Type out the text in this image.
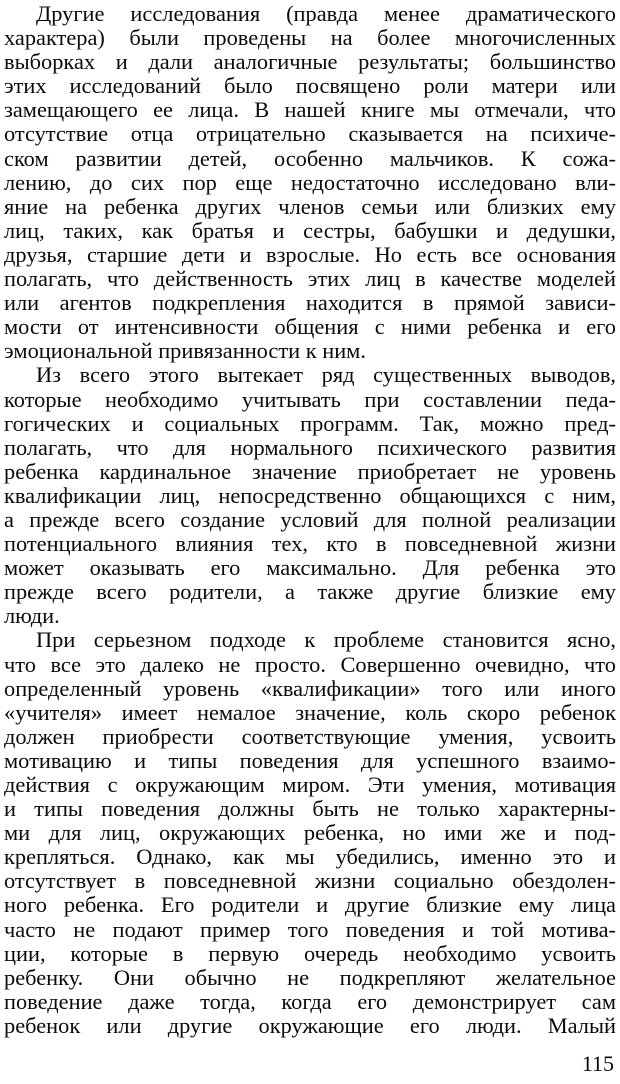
Другие исследования (правда менее драматического
характера) были проведены на более многочисленных
выборках и дали аналогичные результаты; большинство
этих исследований было посвящено роли матери или
замещающего ее лица. В нашей книге мы отмечали, что
отсутствие отца отрицательно сказывается на психиче-
ском развитии детей, особенно мальчиков. К сожа-
лению, до сих пор еще недостаточно исследовано вли-
яние на ребенка других членов семьи или близких ему
лиц, таких, как братья и сестры, бабушки и дедушки,
друзья, старшие дети и взрослые. Но есть все основания
полагать, что действенность этих лиц в качестве моделей
или агентов подкрепления находится в прямой зависи-
мости от интенсивности общения с ними ребенка и его
эмоциональной привязанности к ним.
Из всего этого вытекает ряд существенных выводов,
которые необходимо учитывать при составлении педа-
гогических и социальных программ. Так, можно пред-
полагать, что для нормального психического развития
ребенка кардинальное значение приобретает не уровень
квалификации лиц, непосредственно общающихся с ним,
а прежде всего создание условий для полной реализации
потенциального влияния тех, кто в повседневной жизни
может оказывать его максимально. Для ребенка это
прежде всего родители, а также другие близкие ему
люди.
При серьезном подходе к проблеме становится ясно,
что все это далеко не просто. Совершенно очевидно, что
определенный уровень «квалификации» того или иного
«учителя» имеет немалое значение, коль скоро ребенок
должен приобрести соответствующие умения, усвоить
мотивацию и типы поведения для успешного взаимо-
действия с окружающим миром. Эти умения, мотивация
и типы поведения должны быть не только характерны-
ми для лиц, окружающих ребенка, но ими же и под-
крепляться. Однако, как мы убедились, именно это и
отсутствует в повседневной жизни социально обездолен-
ного ребенка. Его родители и другие близкие ему лица
часто не подают пример того поведения и той мотива-
ции, которые в первую очередь необходимо усвоить
ребенку. Они обычно не подкрепляют желательное
поведение даже тогда, когда его демонстрирует сам
ребенок или другие окружающие его люди. Малый
115
